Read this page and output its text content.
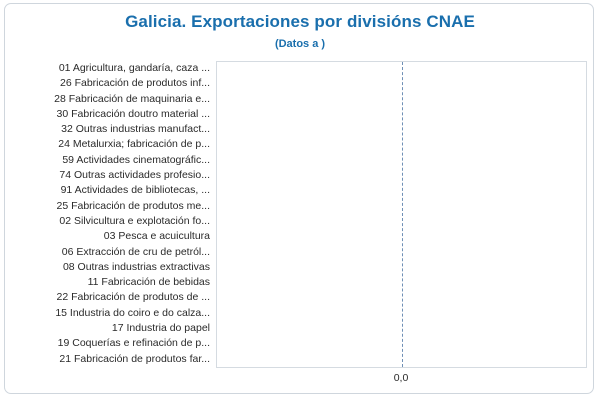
Galicia. Exportaciones por divisións CNAE
(Datos a )
01 Agricultura, gandaría, caza ...
26 Fabricación de produtos inf...
28 Fabricación de maquinaria e...
30 Fabricación doutro material ...
32 Outras industrias manufact...
24 Metalurxia; fabricación de p...
59 Actividades cinematográfic...
74 Outras actividades profesio...
91 Actividades de bibliotecas, ...
25 Fabricación de produtos me...
02 Silvicultura e explotación fo...
03 Pesca e acuicultura
06 Extracción de cru de petról...
08 Outras industrias extractivas
11 Fabricación de bebidas
22 Fabricación de produtos de ...
15 Industria do coiro e do calza...
17 Industria do papel
19 Coquerías e refinación de p...
21 Fabricación de produtos far...
0,0
